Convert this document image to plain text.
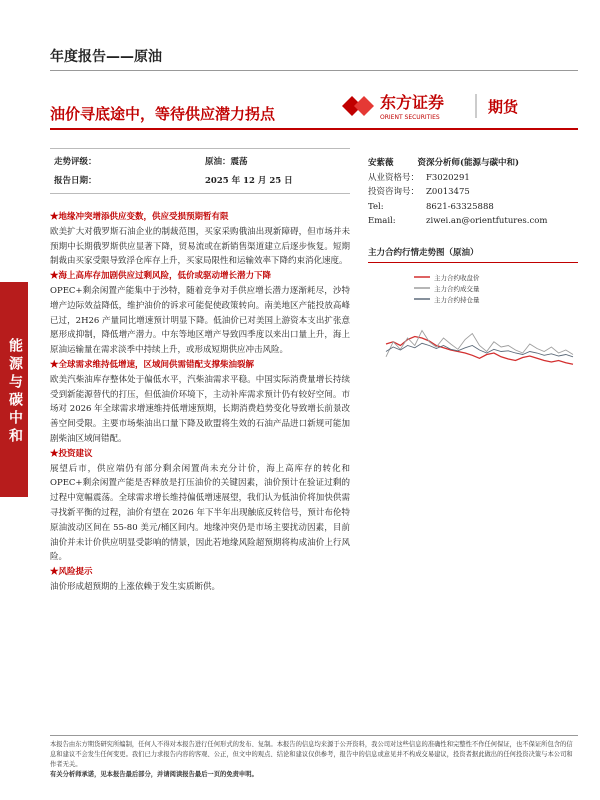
年度报告——原油
油价寻底途中，等待供应潜力拐点
东方证券
ORIENT SECURITIES
期货
走势评级：	原油：震荡
报告日期：	2025 年 12 月 25 日
能源与碳中和
★地缘冲突增添供应变数，供应受损预期暂有限

欧美扩大对俄罗斯石油企业的制裁范围，买家采购俄油出现新障碍，但市场并未预期中长期俄罗斯供应显著下降，贸易流或在新销售渠道建立后逐步恢复。短期制裁由买家受限导致浮仓库存上升，买家局限性和运输效率下降约束消化速度。

★海上高库存加剧供应过剩风险，低价或驱动增长潜力下降

OPEC+剩余闲置产能集中于沙特，随着竞争对手供应增长潜力逐渐耗尽，沙特增产边际效益降低，维护油价的诉求可能促使政策转向。南美地区产能投放高峰已过，2H26 产量同比增速预计明显下降。低油价已对美国上游资本支出扩张意愿形成抑制，降低增产潜力。中东等地区增产导致四季度以来出口量上升，海上原油运输量在需求淡季中持续上升，或形成短期供应冲击风险。

★全球需求维持低增速，区域间供需错配支撑柴油裂解

欧美汽柴油库存整体处于偏低水平，汽柴油需求平稳。中国实际消费量增长持续受到新能源替代的打压，但低油价环境下，主动补库需求预计仍有较好空间。市场对 2026 年全球需求增速维持低增速预期，长期消费趋势变化导致增长前景改善空间受限。主要市场柴油出口量下降及欧盟将生效的石油产品进口新规可能加剧柴油区域间错配。

★投资建议

展望后市，供应端仍有部分剩余闲置尚未充分计价，海上高库存的转化和 OPEC+剩余闲置产能是否释放是打压油价的关键因素，油价预计在验证过剩的过程中宽幅震荡。全球需求增长维持偏低增速展望，我们认为低油价将加快供需寻找新平衡的过程，油价有望在 2026 年下半年出现触底反转信号，预计布伦特原油波动区间在 55-80 美元/桶区间内。地缘冲突仍是市场主要扰动因素，目前油价并未计价供应明显受影响的情景，因此若地缘风险超预期将构成油价上行风险。

★风险提示

油价形成超预期的上涨依赖于发生实质断供。

安紫薇	资深分析师(能源与碳中和)
从业资格号：	F3020291
投资咨询号：	Z0013475
Tel:	8621-63325888
Email:	ziwei.an@orientfutures.com
主力合约行情走势图（原油）
主力合约收盘价
主力合约成交量
主力合约持仓量
本报告由东方期货研究所编制，任何人不得对本报告进行任何形式的发布、复制。本报告的信息均来源于公开资料，我公司对这些信息的准确性和完整性不作任何保证，也不保证所包含的信息和建议不会发生任何变更。我们已力求报告内容的客观、公正，但文中的观点、结论和建议仅供参考，报告中的信息或意见并不构成交易建议，投资者据此做出的任何投资决策与本公司和作者无关。
有关分析师承诺，见本报告最后部分，并请阅读报告最后一页的免责申明。
